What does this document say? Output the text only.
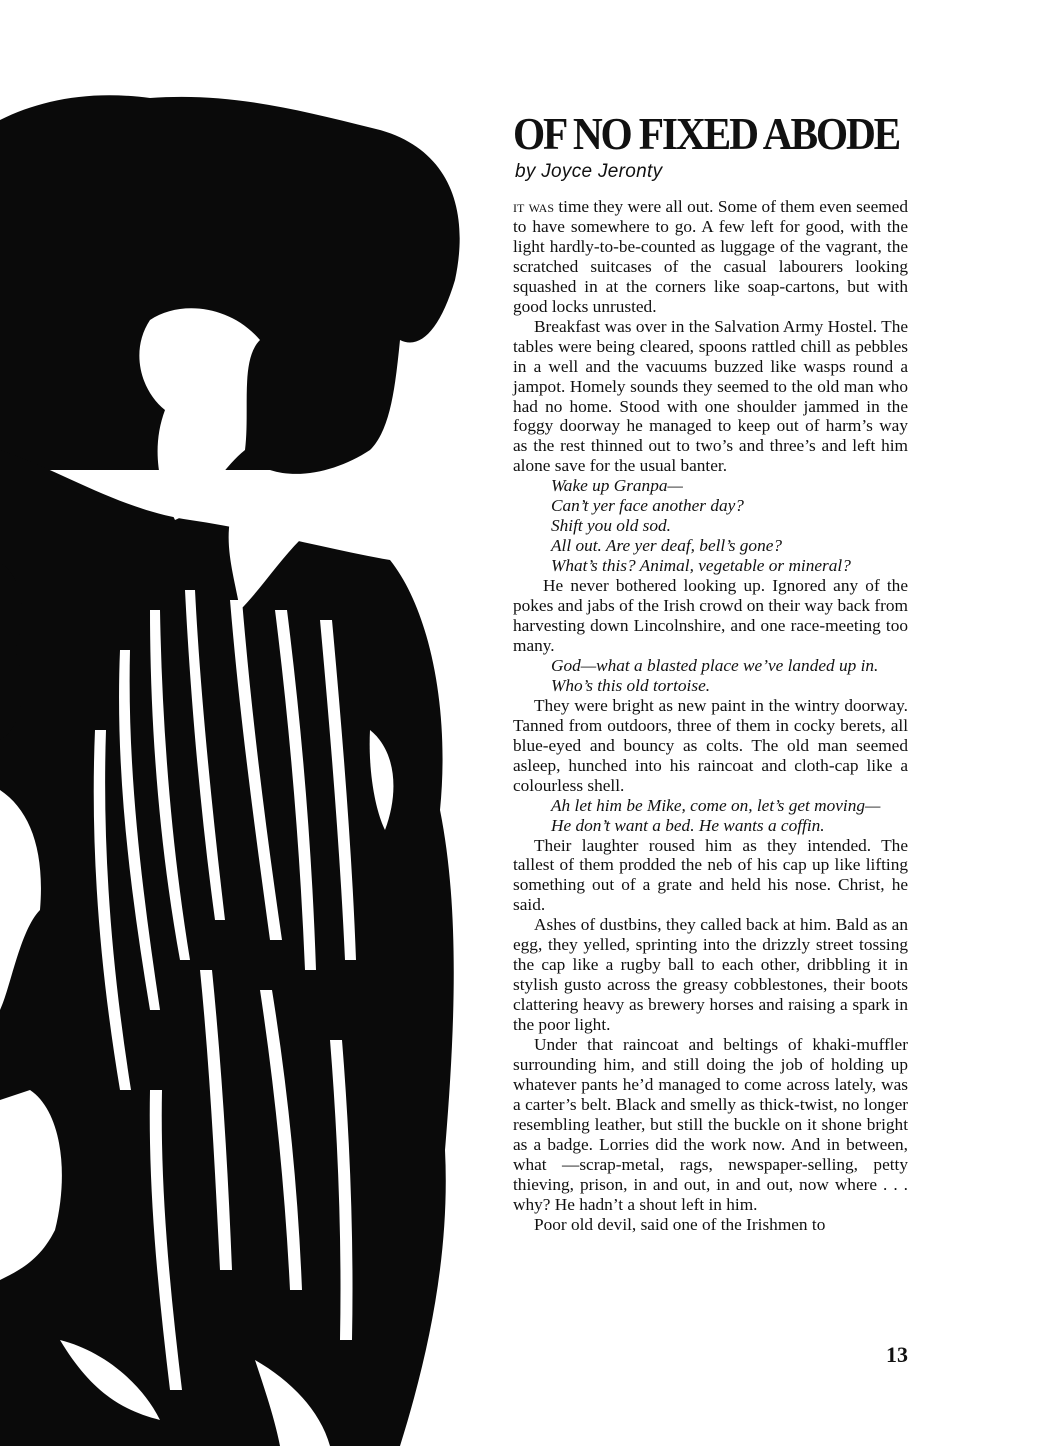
OF NO FIXED ABODE
by Joyce Jeronty

it was time they were all out. Some of them even seemed to have somewhere to go. A few left for good, with the light hardly-to-be-counted as luggage of the vagrant, the scratched suitcases of the casual labourers looking squashed in at the corners like soap-cartons, but with good locks unrusted.

Breakfast was over in the Salvation Army Hostel. The tables were being cleared, spoons rattled chill as pebbles in a well and the vacuums buzzed like wasps round a jampot. Homely sounds they seemed to the old man who had no home. Stood with one shoulder jammed in the foggy doorway he managed to keep out of harm’s way as the rest thinned out to two’s and three’s and left him alone save for the usual banter.

Wake up Granpa—
Can’t yer face another day?
Shift you old sod.
All out. Are yer deaf, bell’s gone?
What’s this? Animal, vegetable or mineral?

He never bothered looking up. Ignored any of the pokes and jabs of the Irish crowd on their way back from harvesting down Lincolnshire, and one race-meeting too many.

God—what a blasted place we’ve landed up in.
Who’s this old tortoise.

They were bright as new paint in the wintry doorway. Tanned from outdoors, three of them in cocky berets, all blue-eyed and bouncy as colts. The old man seemed asleep, hunched into his raincoat and cloth-cap like a colourless shell.

Ah let him be Mike, come on, let’s get moving—
He don’t want a bed. He wants a coffin.

Their laughter roused him as they intended. The tallest of them prodded the neb of his cap up like lifting something out of a grate and held his nose. Christ, he said.

Ashes of dustbins, they called back at him. Bald as an egg, they yelled, sprinting into the drizzly street tossing the cap like a rugby ball to each other, dribbling it in stylish gusto across the greasy cobblestones, their boots clattering heavy as brewery horses and raising a spark in the poor light.

Under that raincoat and beltings of khaki-muffler surrounding him, and still doing the job of holding up whatever pants he’d managed to come across lately, was a carter’s belt. Black and smelly as thick-twist, no longer resembling leather, but still the buckle on it shone bright as a badge. Lorries did the work now. And in between, what —scrap-metal, rags, newspaper-selling, petty thieving, prison, in and out, in and out, now where . . . why? He hadn’t a shout left in him.

Poor old devil, said one of the Irishmen to

13
